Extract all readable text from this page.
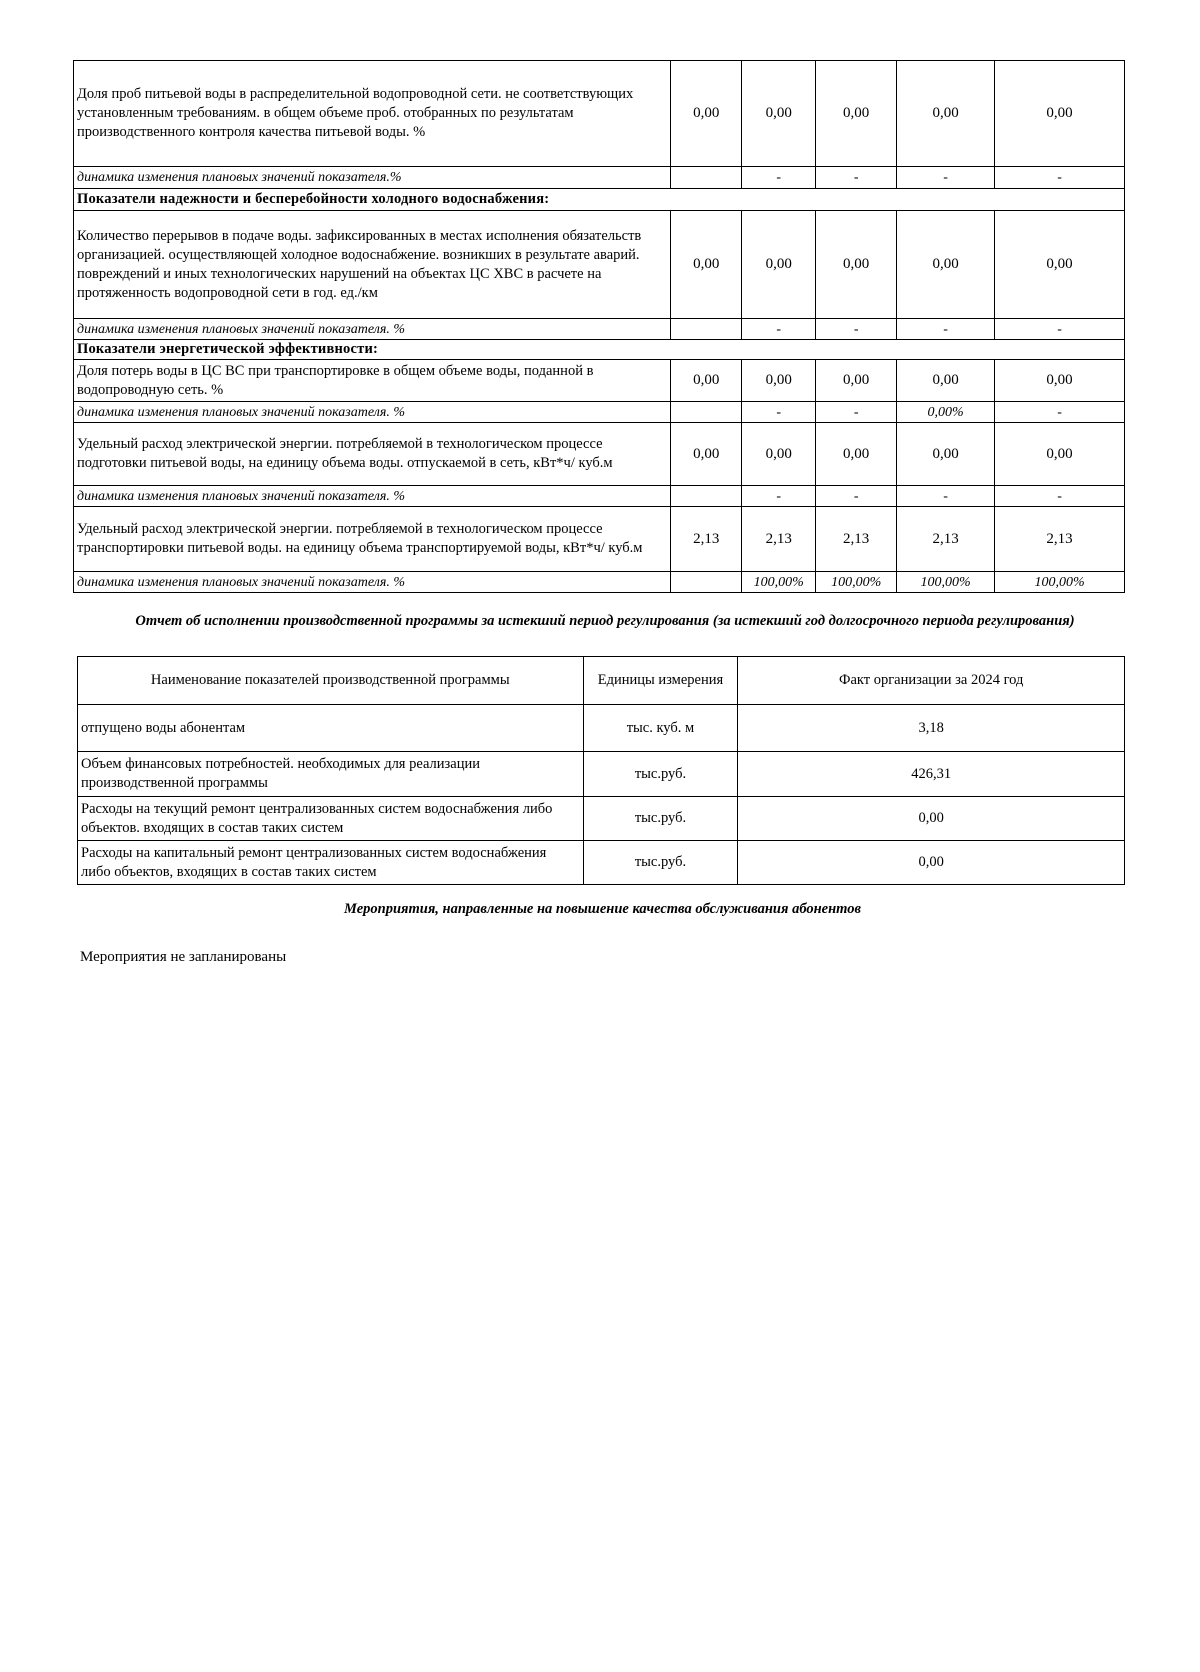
Доля проб питьевой воды в распределительной водопроводной сети. не соответствующих установленным требованиям. в общем объеме проб. отобранных по результатам производственного контроля качества питьевой воды. %	0,00	0,00	0,00	0,00	0,00
динамика изменения плановых значений показателя.%		-	-	-	-
Показатели надежности и бесперебойности холодного водоснабжения:					
Количество перерывов в подаче воды. зафиксированных в местах исполнения обязательств организацией. осуществляющей холодное водоснабжение. возникших в результате аварий. повреждений и иных технологических нарушений на объектах ЦС ХВС в расчете на протяженность водопроводной сети в год. ед./км	0,00	0,00	0,00	0,00	0,00
динамика изменения плановых значений показателя. %		-	-	-	-
Показатели энергетической эффективности:					
Доля потерь воды в ЦС ВС при транспортировке в общем объеме воды, поданной в водопроводную сеть. %	0,00	0,00	0,00	0,00	0,00
динамика изменения плановых значений показателя. %		-	-	0,00%	-
Удельный расход электрической энергии. потребляемой в технологическом процессе подготовки питьевой воды, на единицу объема воды. отпускаемой в сеть, кВт*ч/ куб.м	0,00	0,00	0,00	0,00	0,00
динамика изменения плановых значений показателя. %		-	-	-	-
Удельный расход электрической энергии. потребляемой в технологическом процессе транспортировки питьевой воды. на единицу объема транспортируемой воды, кВт*ч/ куб.м	2,13	2,13	2,13	2,13	2,13
динамика изменения плановых значений показателя. %		100,00%	100,00%	100,00%	100,00%
Отчет об исполнении производственной программы за истекший период регулирования (за истекший год долгосрочного периода регулирования)
Наименование показателей производственной программы	Единицы измерения	Факт организации за 2024 год
отпущено воды абонентам	тыс. куб. м	3,18
Объем финансовых потребностей. необходимых для реализации производственной программы	тыс.руб.	426,31
Расходы на текущий ремонт централизованных систем водоснабжения либо объектов. входящих в состав таких систем	тыс.руб.	0,00
Расходы на капитальный ремонт централизованных систем водоснабжения либо объектов, входящих в состав таких систем	тыс.руб.	0,00
Мероприятия, направленные на повышение качества обслуживания абонентов
Мероприятия не запланированы
